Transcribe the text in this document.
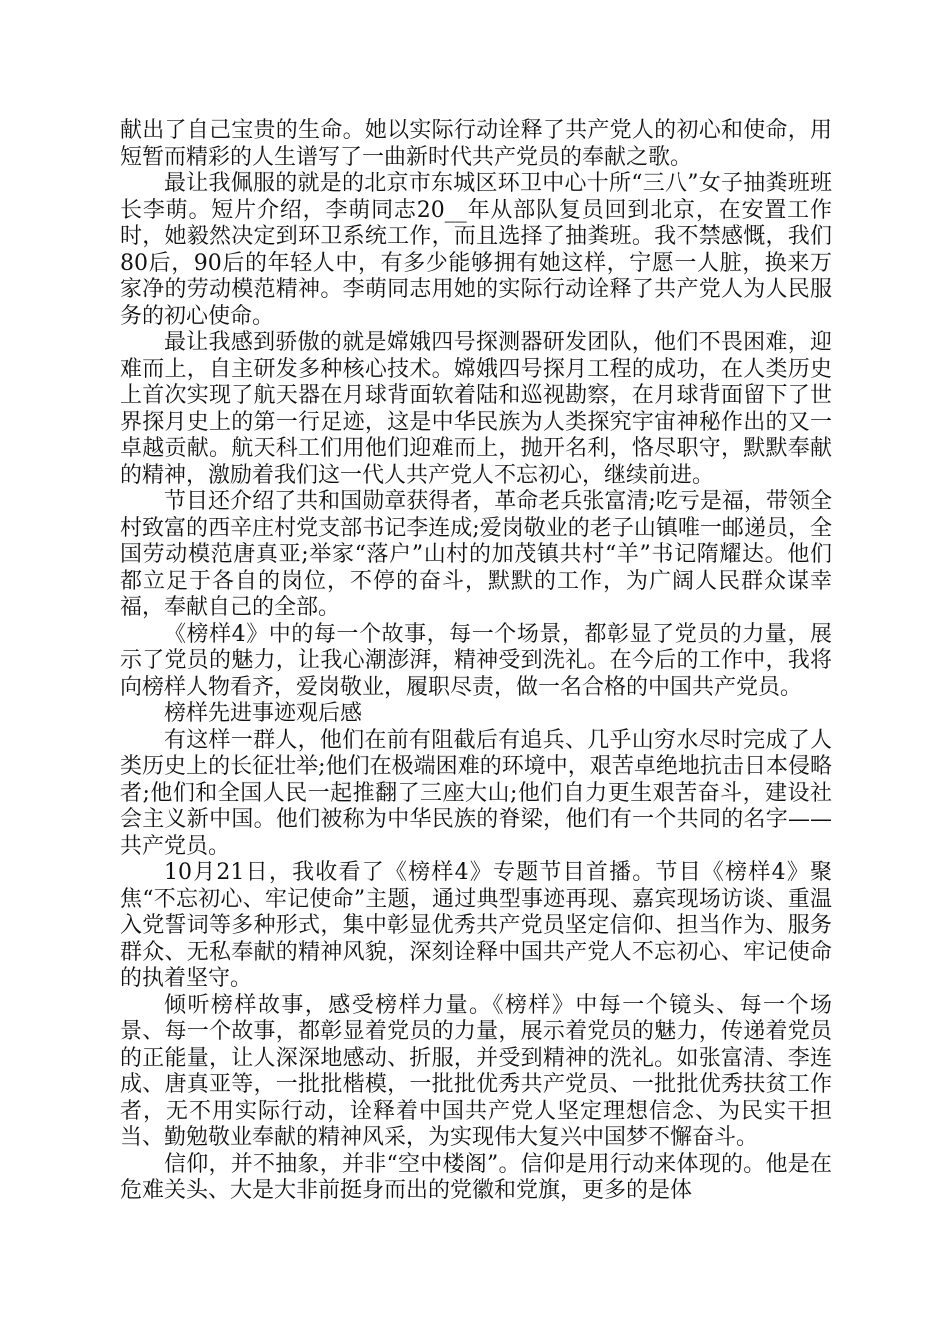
献出了自己宝贵的生命。她以实际行动诠释了共产党人的初心和使命，用短暂而精彩的人生谱写了一曲新时代共产党员的奉献之歌。

最让我佩服的就是的北京市东城区环卫中心十所“三八”女子抽粪班班长李萌。短片介绍，李萌同志20__年从部队复员回到北京，在安置工作时，她毅然决定到环卫系统工作，而且选择了抽粪班。我不禁感慨，我们80后，90后的年轻人中，有多少能够拥有她这样，宁愿一人脏，换来万家净的劳动模范精神。李萌同志用她的实际行动诠释了共产党人为人民服务的初心使命。

最让我感到骄傲的就是嫦娥四号探测器研发团队，他们不畏困难，迎难而上，自主研发多种核心技术。嫦娥四号探月工程的成功，在人类历史上首次实现了航天器在月球背面软着陆和巡视勘察，在月球背面留下了世界探月史上的第一行足迹，这是中华民族为人类探究宇宙神秘作出的又一卓越贡献。航天科工们用他们迎难而上，抛开名利，恪尽职守，默默奉献的精神，激励着我们这一代人共产党人不忘初心，继续前进。

节目还介绍了共和国勋章获得者，革命老兵张富清;吃亏是福，带领全村致富的西辛庄村党支部书记李连成;爱岗敬业的老子山镇唯一邮递员，全国劳动模范唐真亚;举家“落户”山村的加茂镇共村“羊”书记隋耀达。他们都立足于各自的岗位，不停的奋斗，默默的工作，为广阔人民群众谋幸福，奉献自己的全部。

《榜样4》中的每一个故事，每一个场景，都彰显了党员的力量，展示了党员的魅力，让我心潮澎湃，精神受到洗礼。在今后的工作中，我将向榜样人物看齐，爱岗敬业，履职尽责，做一名合格的中国共产党员。

榜样先进事迹观后感

有这样一群人，他们在前有阻截后有追兵、几乎山穷水尽时完成了人类历史上的长征壮举;他们在极端困难的环境中，艰苦卓绝地抗击日本侵略者;他们和全国人民一起推翻了三座大山;他们自力更生艰苦奋斗，建设社会主义新中国。他们被称为中华民族的脊梁，他们有一个共同的名字——共产党员。

10月21日，我收看了《榜样4》专题节目首播。节目《榜样4》聚焦“不忘初心、牢记使命”主题，通过典型事迹再现、嘉宾现场访谈、重温入党誓词等多种形式，集中彰显优秀共产党员坚定信仰、担当作为、服务群众、无私奉献的精神风貌，深刻诠释中国共产党人不忘初心、牢记使命的执着坚守。

倾听榜样故事，感受榜样力量。《榜样》中每一个镜头、每一个场景、每一个故事，都彰显着党员的力量，展示着党员的魅力，传递着党员的正能量，让人深深地感动、折服，并受到精神的洗礼。如张富清、李连成、唐真亚等，一批批楷模，一批批优秀共产党员、一批批优秀扶贫工作者，无不用实际行动，诠释着中国共产党人坚定理想信念、为民实干担当、勤勉敬业奉献的精神风采，为实现伟大复兴中国梦不懈奋斗。

信仰，并不抽象，并非“空中楼阁”。信仰是用行动来体现的。他是在危难关头、大是大非前挺身而出的党徽和党旗，更多的是体
